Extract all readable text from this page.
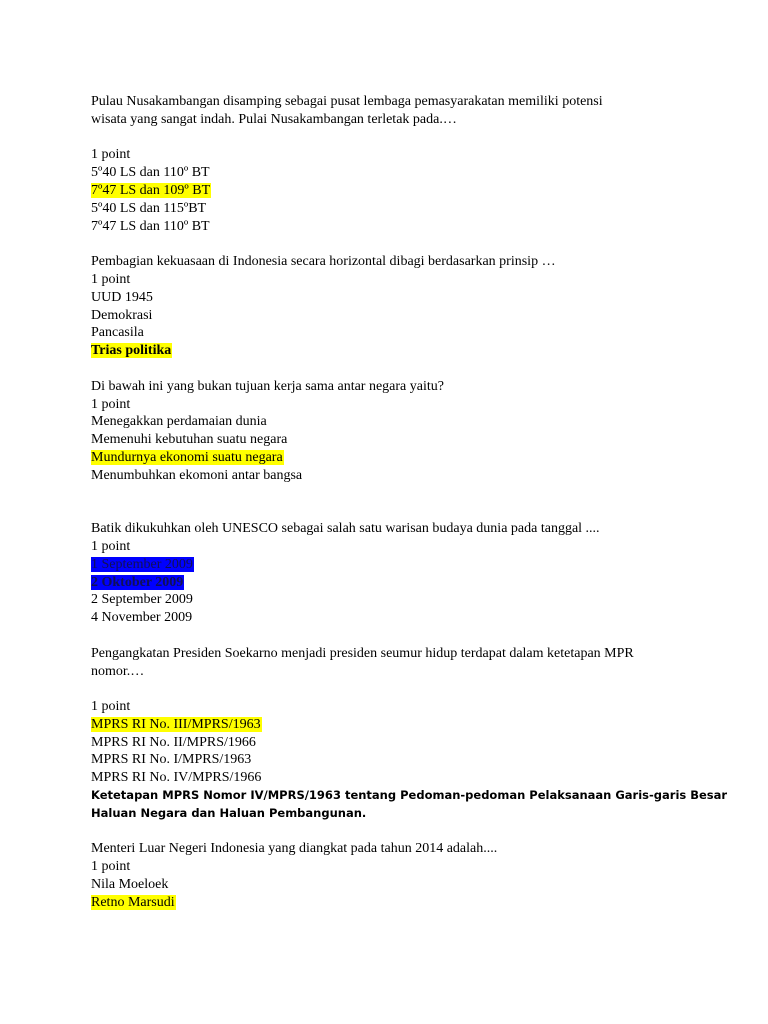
Pulau Nusakambangan disamping sebagai pusat lembaga pemasyarakatan memiliki potensi
wisata yang sangat indah. Pulai Nusakambangan terletak pada.…
1 point
5º40 LS dan 110º BT
7º47 LS dan 109º BT
5º40 LS dan 115ºBT
7º47 LS dan 110º BT
Pembagian kekuasaan di Indonesia secara horizontal dibagi berdasarkan prinsip …
1 point
UUD 1945
Demokrasi
Pancasila
Trias politika
Di bawah ini yang bukan tujuan kerja sama antar negara yaitu?
1 point
Menegakkan perdamaian dunia
Memenuhi kebutuhan suatu negara
Mundurnya ekonomi suatu negara
Menumbuhkan ekomoni antar bangsa
Batik dikukuhkan oleh UNESCO sebagai salah satu warisan budaya dunia pada tanggal ....
1 point
1 September 2009
2 Oktober 2009
2 September 2009
4 November 2009
Pengangkatan Presiden Soekarno menjadi presiden seumur hidup terdapat dalam ketetapan MPR
nomor.…
1 point
MPRS RI No. III/MPRS/1963
MPRS RI No. II/MPRS/1966
MPRS RI No. I/MPRS/1963
MPRS RI No. IV/MPRS/1966
Ketetapan MPRS Nomor IV/MPRS/1963 tentang Pedoman-pedoman Pelaksanaan Garis-garis Besar
Haluan Negara dan Haluan Pembangunan.
Menteri Luar Negeri Indonesia yang diangkat pada tahun 2014 adalah....
1 point
Nila Moeloek
Retno Marsudi
